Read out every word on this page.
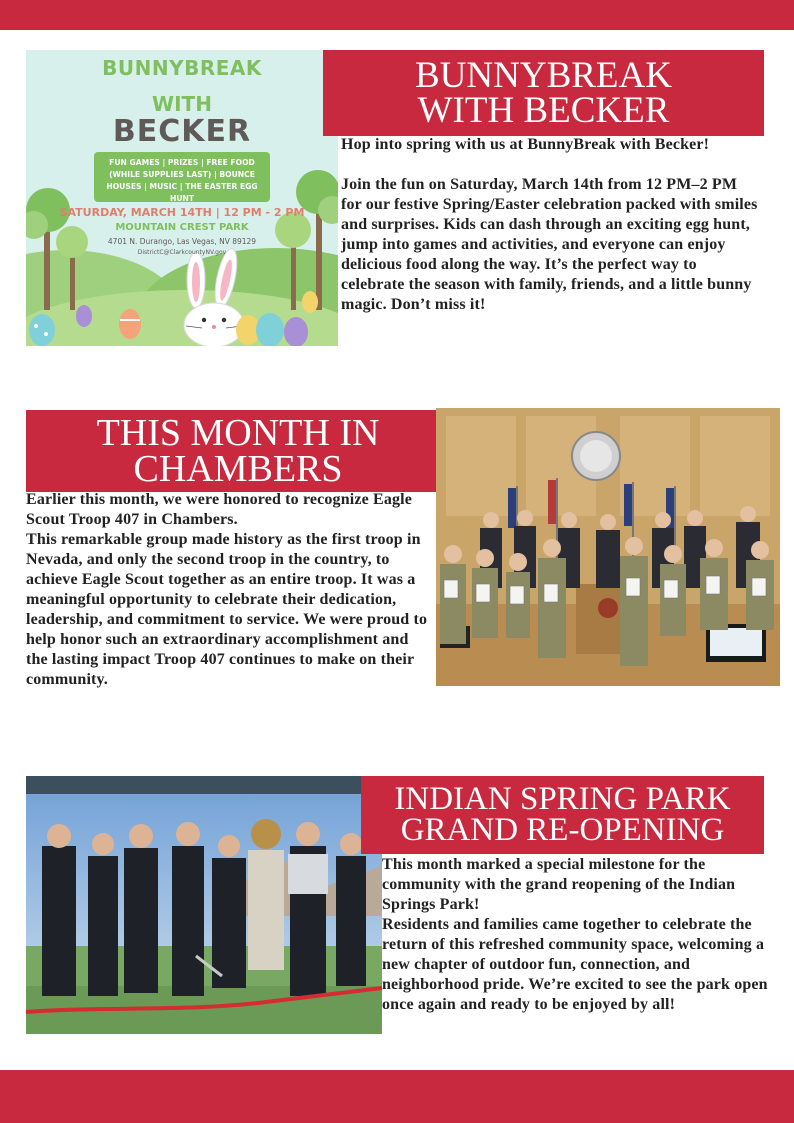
BUNNYBREAK
WITH
BECKER
FUN GAMES | PRIZES | FREE FOOD
(WHILE SUPPLIES LAST) | BOUNCE
HOUSES | MUSIC | THE EASTER EGG HUNT
SATURDAY, MARCH 14TH | 12 PM - 2 PM
MOUNTAIN CREST PARK
4701 N. Durango, Las Vegas, NV 89129
DistrictC@ClarkcountyNV.gov
BUNNYBREAK
WITH BECKER

Hop into spring with us at BunnyBreak with Becker!

Join the fun on Saturday, March 14th from 12 PM–2 PM for our festive Spring/Easter celebration packed with smiles and surprises. Kids can dash through an exciting egg hunt, jump into games and activities, and everyone can enjoy delicious food along the way. It’s the perfect way to celebrate the season with family, friends, and a little bunny magic. Don’t miss it!

THIS MONTH IN
CHAMBERS

Earlier this month, we were honored to recognize Eagle Scout Troop 407 in Chambers.

This remarkable group made history as the first troop in Nevada, and only the second troop in the country, to achieve Eagle Scout together as an entire troop. It was a meaningful opportunity to celebrate their dedication, leadership, and commitment to service. We were proud to help honor such an extraordinary accomplishment and the lasting impact Troop 407 continues to make on their community.

INDIAN SPRING PARK
GRAND RE-OPENING

This month marked a special milestone for the community with the grand reopening of the Indian Springs Park!

Residents and families came together to celebrate the return of this refreshed community space, welcoming a new chapter of outdoor fun, connection, and neighborhood pride. We’re excited to see the park open once again and ready to be enjoyed by all!
